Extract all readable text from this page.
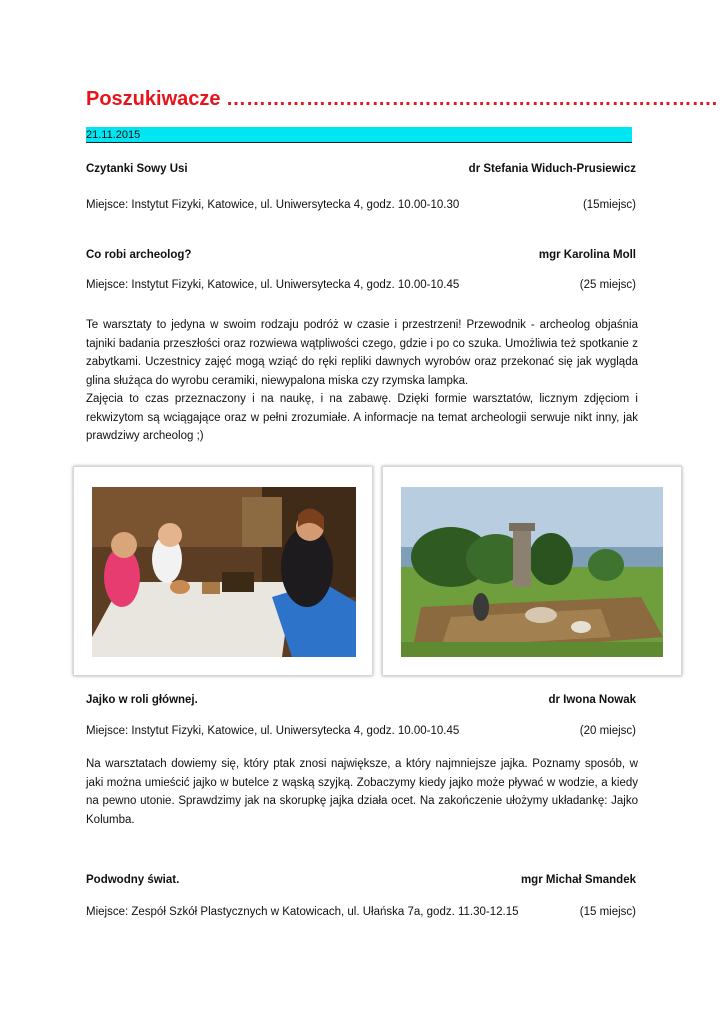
Poszukiwacze ……………….……………………………………………….
21.11.2015
Czytanki Sowy Usi	dr Stefania Widuch-Prusiewicz
Miejsce: Instytut Fizyki, Katowice, ul. Uniwersytecka 4, godz. 10.00-10.30	(15miejsc)
Co robi archeolog?	mgr Karolina Moll
Miejsce: Instytut Fizyki, Katowice, ul. Uniwersytecka 4, godz. 10.00-10.45	(25 miejsc)
Te warsztaty to jedyna w swoim rodzaju podróż w czasie i przestrzeni! Przewodnik - archeolog objaśnia tajniki badania przeszłości oraz rozwiewa wątpliwości czego, gdzie i po co szuka. Umożliwia też spotkanie z zabytkami. Uczestnicy zajęć mogą wziąć do ręki repliki dawnych wyrobów oraz przekonać się jak wygląda glina służąca do wyrobu ceramiki, niewypalona miska czy rzymska lampka.
Zajęcia to czas przeznaczony i na naukę, i na zabawę. Dzięki formie warsztatów, licznym zdjęciom i rekwizytom są wciągające oraz w pełni zrozumiałe. A informacje na temat archeologii serwuje nikt inny, jak prawdziwy archeolog ;)
Jajko w roli głównej.	dr Iwona Nowak
Miejsce: Instytut Fizyki, Katowice, ul. Uniwersytecka 4, godz. 10.00-10.45	(20 miejsc)
Na warsztatach dowiemy się, który ptak znosi największe, a który najmniejsze jajka. Poznamy sposób, w jaki można umieścić jajko w butelce z wąską szyjką. Zobaczymy kiedy jajko może pływać w wodzie, a kiedy na pewno utonie. Sprawdzimy jak na skorupkę jajka działa ocet. Na zakończenie ułożymy układankę: Jajko Kolumba.
Podwodny świat.	mgr Michał Smandek
Miejsce: Zespół Szkół Plastycznych w Katowicach, ul. Ułańska 7a, godz. 11.30-12.15	(15 miejsc)
